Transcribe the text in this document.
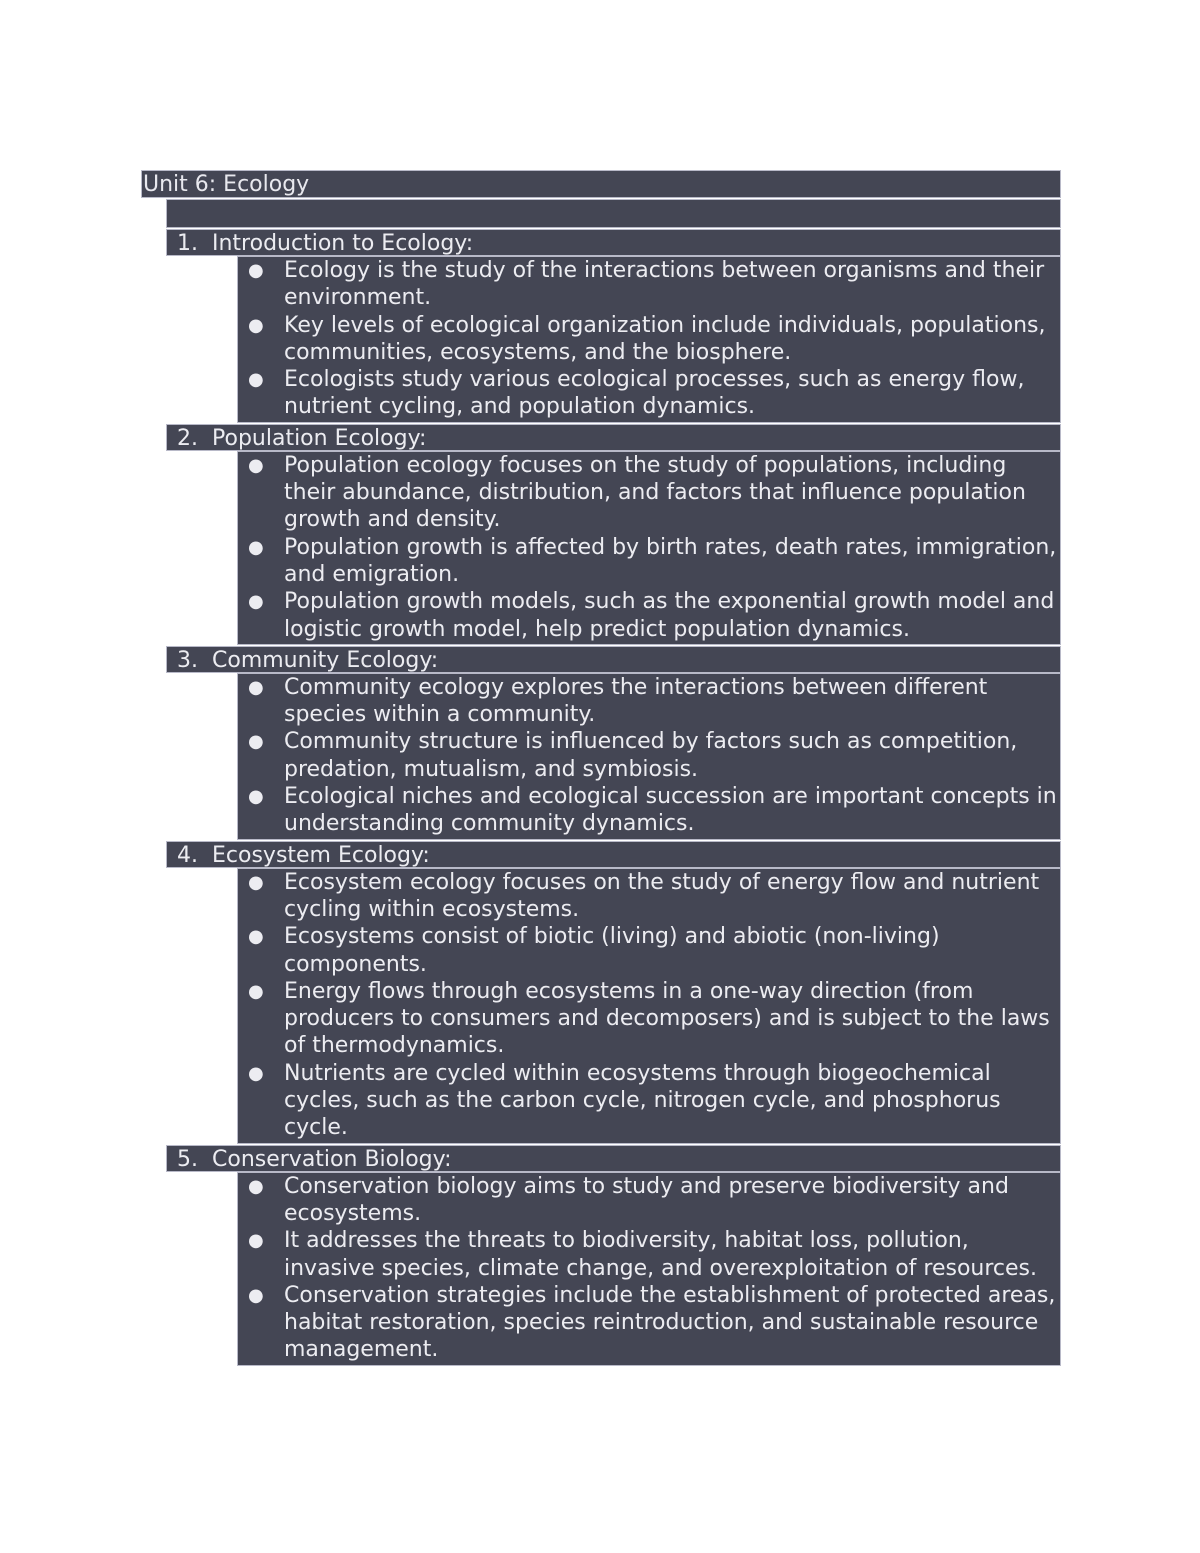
Unit 6: Ecology
1. Introduction to Ecology:
● Ecology is the study of the interactions between organisms and their environment.
● Key levels of ecological organization include individuals, populations, communities, ecosystems, and the biosphere.
● Ecologists study various ecological processes, such as energy flow, nutrient cycling, and population dynamics.
2. Population Ecology:
● Population ecology focuses on the study of populations, including their abundance, distribution, and factors that influence population growth and density.
● Population growth is affected by birth rates, death rates, immigration, and emigration.
● Population growth models, such as the exponential growth model and logistic growth model, help predict population dynamics.
3. Community Ecology:
● Community ecology explores the interactions between different species within a community.
● Community structure is influenced by factors such as competition, predation, mutualism, and symbiosis.
● Ecological niches and ecological succession are important concepts in understanding community dynamics.
4. Ecosystem Ecology:
● Ecosystem ecology focuses on the study of energy flow and nutrient cycling within ecosystems.
● Ecosystems consist of biotic (living) and abiotic (non-living) components.
● Energy flows through ecosystems in a one-way direction (from producers to consumers and decomposers) and is subject to the laws of thermodynamics.
● Nutrients are cycled within ecosystems through biogeochemical cycles, such as the carbon cycle, nitrogen cycle, and phosphorus cycle.
5. Conservation Biology:
● Conservation biology aims to study and preserve biodiversity and ecosystems.
● It addresses the threats to biodiversity, habitat loss, pollution, invasive species, climate change, and overexploitation of resources.
● Conservation strategies include the establishment of protected areas, habitat restoration, species reintroduction, and sustainable resource management.
